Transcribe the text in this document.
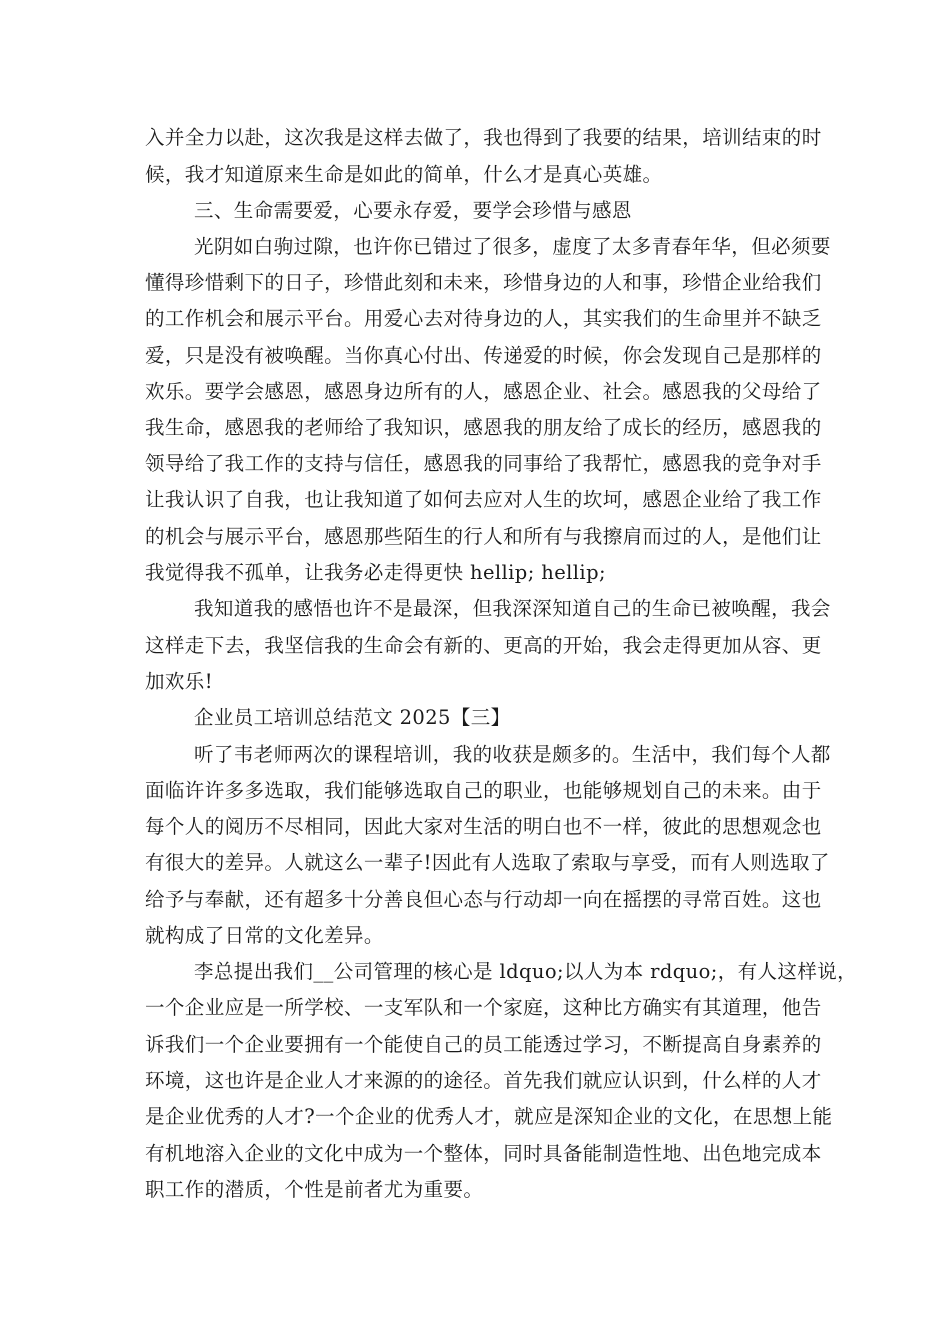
入并全力以赴，这次我是这样去做了，我也得到了我要的结果，培训结束的时
候，我才知道原来生命是如此的简单，什么才是真心英雄。
三、生命需要爱，心要永存爱，要学会珍惜与感恩
光阴如白驹过隙，也许你已错过了很多，虚度了太多青春年华，但必须要
懂得珍惜剩下的日子，珍惜此刻和未来，珍惜身边的人和事，珍惜企业给我们
的工作机会和展示平台。用爱心去对待身边的人，其实我们的生命里并不缺乏
爱，只是没有被唤醒。当你真心付出、传递爱的时候，你会发现自己是那样的
欢乐。要学会感恩，感恩身边所有的人，感恩企业、社会。感恩我的父母给了
我生命，感恩我的老师给了我知识，感恩我的朋友给了成长的经历，感恩我的
领导给了我工作的支持与信任，感恩我的同事给了我帮忙，感恩我的竞争对手
让我认识了自我，也让我知道了如何去应对人生的坎坷，感恩企业给了我工作
的机会与展示平台，感恩那些陌生的行人和所有与我擦肩而过的人，是他们让
我觉得我不孤单，让我务必走得更快 hellip; hellip;
我知道我的感悟也许不是最深，但我深深知道自己的生命已被唤醒，我会
这样走下去，我坚信我的生命会有新的、更高的开始，我会走得更加从容、更
加欢乐!
企业员工培训总结范文 2025【三】
听了韦老师两次的课程培训，我的收获是颇多的。生活中，我们每个人都
面临许许多多选取，我们能够选取自己的职业，也能够规划自己的未来。由于
每个人的阅历不尽相同，因此大家对生活的明白也不一样，彼此的思想观念也
有很大的差异。人就这么一辈子!因此有人选取了索取与享受，而有人则选取了
给予与奉献，还有超多十分善良但心态与行动却一向在摇摆的寻常百姓。这也
就构成了日常的文化差异。
李总提出我们__公司管理的核心是 ldquo;以人为本 rdquo;，有人这样说，
一个企业应是一所学校、一支军队和一个家庭，这种比方确实有其道理，他告
诉我们一个企业要拥有一个能使自己的员工能透过学习，不断提高自身素养的
环境，这也许是企业人才来源的的途径。首先我们就应认识到，什么样的人才
是企业优秀的人才?一个企业的优秀人才，就应是深知企业的文化，在思想上能
有机地溶入企业的文化中成为一个整体，同时具备能制造性地、出色地完成本
职工作的潜质，个性是前者尤为重要。
